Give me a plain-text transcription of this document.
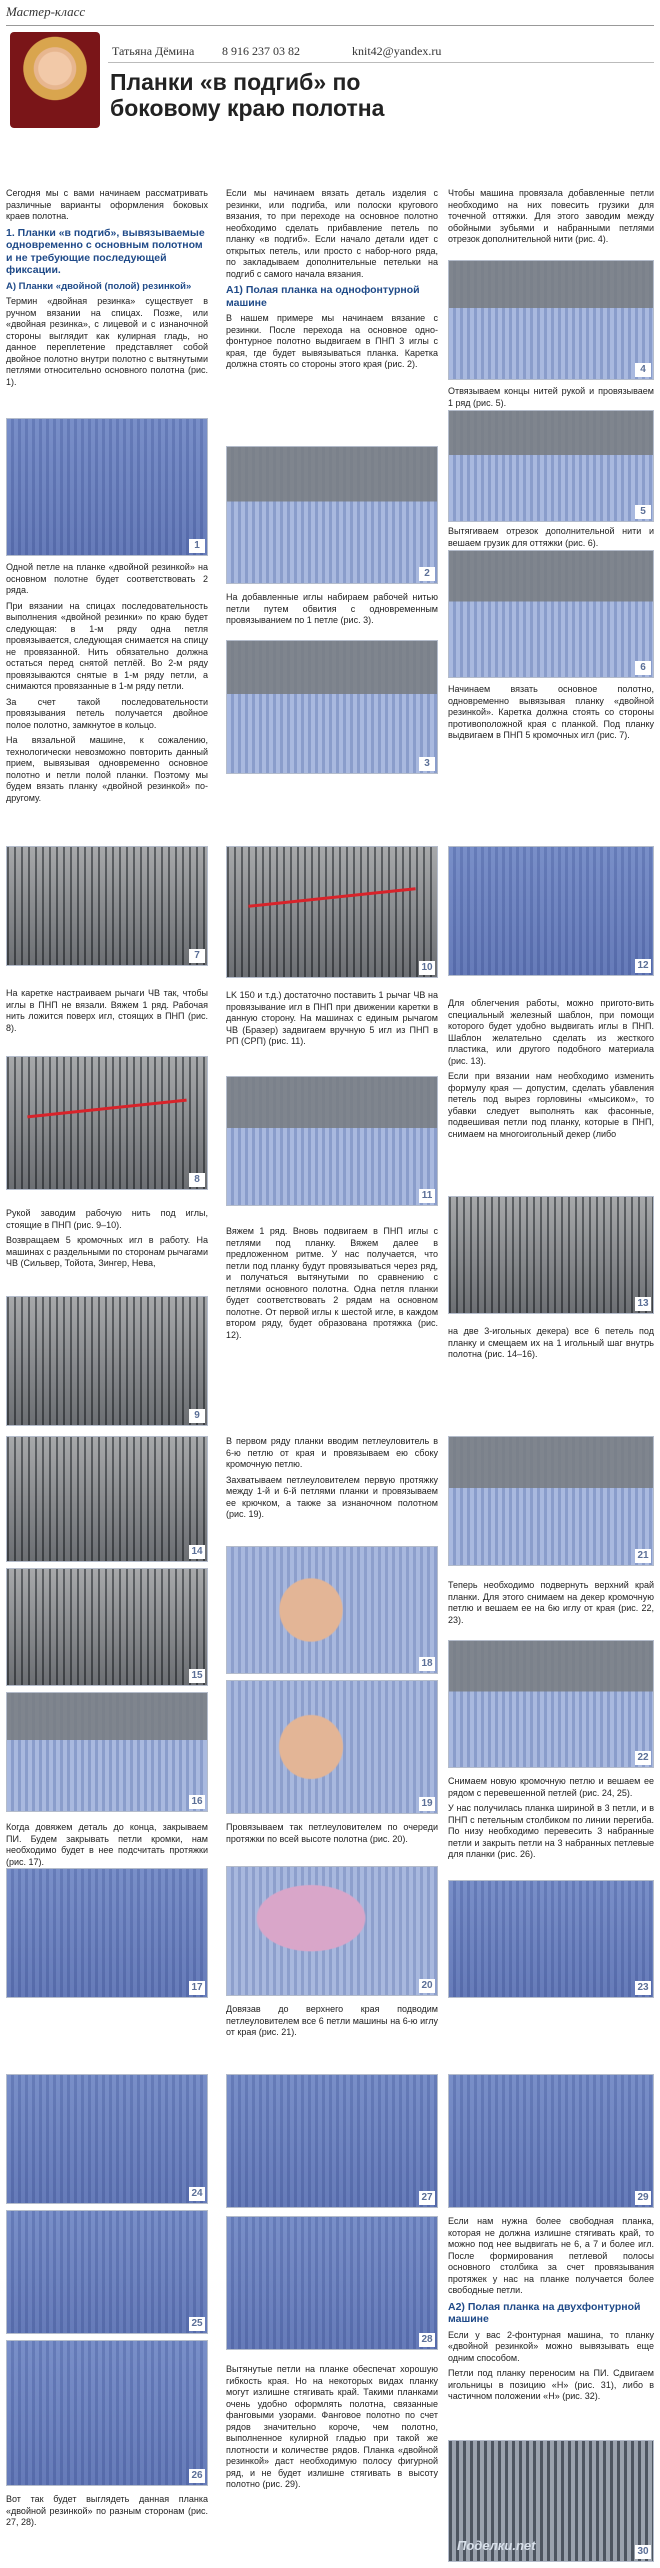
Мастер-класс
Татьяна Дёмина 8 916 237 03 82	knit42@yandex.ru
Планки «в подгиб» по боковому краю полотна

Сегодня мы с вами начинаем рассматривать различные варианты оформления боковых краев полотна.

1. Планки «в подгиб», вывязываемые одновременно с основным полотном и не требующие последующей фиксации.
А) Планки «двойной (полой) резинкой»

Термин «двойная резинка» существует в ручном вязании на спицах. Позже, или «двойная резинка», с лицевой и с изнаночной стороны выглядит как кулирная гладь, но данное переплетение представляет собой двойное полотно внутри полотно с вытянутыми петлями относительно основного полотна (рис. 1).

1

Одной петле на планке «двойной резинкой» на основном полотне будет соответствовать 2 ряда.

При вязании на спицах последовательность выполнения «двойной резинки» по краю будет следующая: в 1-м ряду одна петля провязывается, следующая снимается на спицу не провязанной. Нить обязательно должна остаться перед снятой петлёй. Во 2-м ряду провязываются снятые в 1-м ряду петли, а снимаются провязанные в 1-м ряду петли.

За счет такой последовательности провязывания петель получается двойное полое полотно, замкнутое в кольцо.

На вязальной машине, к сожалению, технологически невозможно повторить данный прием, вывязывая одновременно основное полотно и петли полой планки. Поэтому мы будем вязать планку «двойной резинкой» по-другому.

Если мы начинаем вязать деталь изделия с резинки, или подгиба, или полоски кругового вязания, то при переходе на основное полотно необходимо сделать прибавление петель по планку «в подгиб». Если начало детали идет с открытых петель, или просто с набор-ного ряда, по закладываем дополнительные петельки на подгиб с самого начала вязания.

А1) Полая планка на однофонтурной машине

В нашем примере мы начинаем вязание с резинки. После перехода на основное одно-фонтурное полотно выдвигаем в ПНП 3 иглы с края, где будет вывязываться планка. Каретка должна стоять со стороны этого края (рис. 2).

2

На добавленные иглы набираем рабочей нитью петли путем обвития с одновременным провязыванием по 1 петле (рис. 3).

3

Чтобы машина провязала добавленные петли необходимо на них повесить грузики для точечной оттяжки. Для этого заводим между обойными зубьями и набранными петлями отрезок дополнительной нити (рис. 4).

4

Отвязываем концы нитей рукой и провязываем 1 ряд (рис. 5).

5

Вытягиваем отрезок дополнительной нити и вешаем грузик для оттяжки (рис. 6).

6

Начинаем вязать основное полотно, одновременно вывязывая планку «двойной резинкой». Каретка должна стоять со стороны противоположной края с планкой. Под планку выдвигаем в ПНП 5 кромочных игл (рис. 7).

7

На каретке настраиваем рычаги ЧВ так, чтобы иглы в ПНП не вязали. Вяжем 1 ряд. Рабочая нить ложится поверх игл, стоящих в ПНП (рис. 8).

8

Рукой заводим рабочую нить под иглы, стоящие в ПНП (рис. 9–10).

Возвращаем 5 кромочных игл в работу. На машинах с раздельными по сторонам рычагами ЧВ (Сильвер, Тойота, Зингер, Нева,

9
10

LK 150 и т.д.) достаточно поставить 1 рычаг ЧВ на провязывание игл в ПНП при движении каретки в данную сторону. На машинах с единым рычагом ЧВ (Бразер) задвигаем вручную 5 игл из ПНП в РП (СРП) (рис. 11).

11

Вяжем 1 ряд. Вновь подвигаем в ПНП иглы с петлями под планку. Вяжем далее в предложенном ритме. У нас получается, что петли под планку будут провязываться через ряд, и получаться вытянутыми по сравнению с петлями основного полотна. Одна петля планки будет соответствовать 2 рядам на основном полотне. От первой иглы к шестой игле, в каждом втором ряду, будет образована протяжка (рис. 12).

12

Для облегчения работы, можно пригото-вить специальный железный шаблон, при помощи которого будет удобно выдвигать иглы в ПНП. Шаблон желательно сделать из жесткого пластика, или другого подобного материала (рис. 13).

Если при вязании нам необходимо изменить формулу края — допустим, сделать убавления петель под вырез горловины «мысиком», то убавки следует выполнять как фасонные, подвешивая петли под планку, которые в ПНП, снимаем на многоигольный декер (либо

13

на две 3-игольных декера) все 6 петель под планку и смещаем их на 1 игольный шаг внутрь полотна (рис. 14–16).

14
15
16

Когда довяжем деталь до конца, закрываем ПИ. Будем закрывать петли кромки, нам необходимо будет в нее подсчитать протяжки (рис. 17).

17

В первом ряду планки вводим петлеуловитель в 6-ю петлю от края и провязываем ею сбоку кромочную петлю.

Захватываем петлеуловителем первую протяжку между 1-й и 6-й петлями планки и провязываем ее крючком, а также за изнаночном полотном (рис. 19).

18
19

Провязываем так петлеуловителем по очереди протяжки по всей высоте полотна (рис. 20).

20

Довязав до верхнего края подводим петлеуловителем все 6 петли машины на 6-ю иглу от края (рис. 21).

21

Теперь необходимо подвернуть верхний край планки. Для этого снимаем на декер кромочную петлю и вешаем ее на 6ю иглу от края (рис. 22, 23).

22

Снимаем новую кромочную петлю и вешаем ее рядом с перевешенной петлей (рис. 24, 25).

У нас получилась планка шириной в 3 петли, и в ПНП с петельным столбиком по линии перегиба. По низу необходимо перевесить 3 набранные петли и закрыть петли на 3 набранных петлевые для планки (рис. 26).

23
24
25
26

Вот так будет выглядеть данная планка «двойной резинкой» по разным сторонам (рис. 27, 28).

27
28

Вытянутые петли на планке обеспечат хорошую гибкость края. Но на некоторых видах планку могут излишне стягивать край. Такими планками очень удобно оформлять полотна, связанные фанговыми узорами. Фанговое полотно по счет рядов значительно короче, чем полотно, выполненное кулирной гладью при такой же плотности и количестве рядов. Планка «двойной резинкой» даст необходимую полосу фигурной ряд, и не будет излишне стягивать в высоту полотно (рис. 29).

29

Если нам нужна более свободная планка, которая не должна излишне стягивать край, то можно под нее выдвигать не 6, а 7 и более игл. После формирования петлевой полосы основного столбика за счет провязывания протяжек у нас на планке получается более свободные петли.

А2) Полая планка на двухфонтурной машине

Если у вас 2-фонтурная машина, то планку «двойной резинкой» можно вывязывать еще одним способом.

Петли под планку переносим на ПИ. Сдвигаем игольницы в позицию «Н» (рис. 31), либо в частичном положении «Н» (рис. 32).

Поделки.net	30
